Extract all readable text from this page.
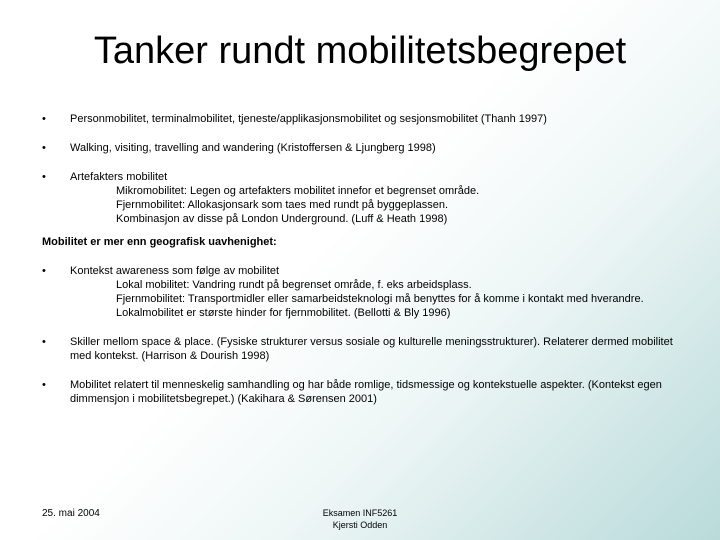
Tanker rundt mobilitetsbegrepet
• Personmobilitet, terminalmobilitet, tjeneste/applikasjonsmobilitet og sesjonsmobilitet (Thanh 1997)
• Walking, visiting, travelling and wandering (Kristoffersen & Ljungberg 1998)
• Artefakters mobilitet
Mikromobilitet: Legen og artefakters mobilitet innefor et begrenset område.
Fjernmobilitet: Allokasjonsark som taes med rundt på byggeplassen.
Kombinasjon av disse på London Underground. (Luff & Heath 1998)
Mobilitet er mer enn geografisk uavhenighet:
• Kontekst awareness som følge av mobilitet
Lokal mobilitet: Vandring rundt på begrenset område, f. eks arbeidsplass.
Fjernmobilitet: Transportmidler eller samarbeidsteknologi må benyttes for å komme i kontakt med hverandre. Lokalmobilitet er største hinder for fjernmobilitet. (Bellotti & Bly 1996)
• Skiller mellom space & place. (Fysiske strukturer versus sosiale og kulturelle meningsstrukturer). Relaterer dermed mobilitet med kontekst. (Harrison & Dourish 1998)
• Mobilitet relatert til menneskelig samhandling og har både romlige, tidsmessige og kontekstuelle aspekter. (Kontekst egen dimmensjon i mobilitetsbegrepet.) (Kakihara & Sørensen 2001)
25. mai 2004	Eksamen INF5261
Kjersti Odden
